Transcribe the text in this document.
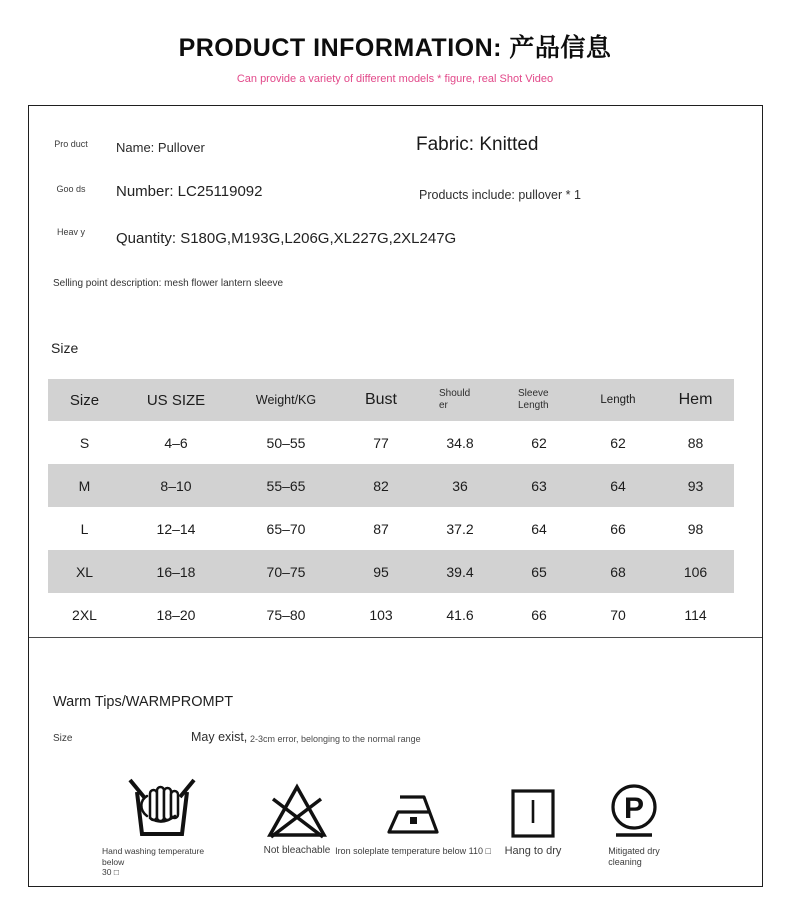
PRODUCT INFORMATION: 产品信息
Can provide a variety of different models * figure, real Shot Video
Pro duct Name: Pullover	Fabric: Knitted
Goo ds	Number: LC25119092	Products include: pullover * 1
Heav y	Quantity: S180G,M193G,L206G,XL227G,2XL247G
Selling point description: mesh flower lantern sleeve
Size
Size	US SIZE	Weight/KG	Bust	Should er	Sleeve Length	Length	Hem
S	4–6	50–55	77	34.8	62	62	88
M	8–10	55–65	82	36	63	64	93
L	12–14	65–70	87	37.2	64	66	98
XL	16–18	70–75	95	39.4	65	68	106
2XL	18–20	75–80	103	41.6	66	70	114
Warm Tips/WARMPROMPT
Size	May exist, 2-3cm error, belonging to the normal range
Hand washing temperature below
30 □
Not bleachable Iron soleplate temperature below 110 □ Hang to dry
P
Mitigated dry
cleaning
